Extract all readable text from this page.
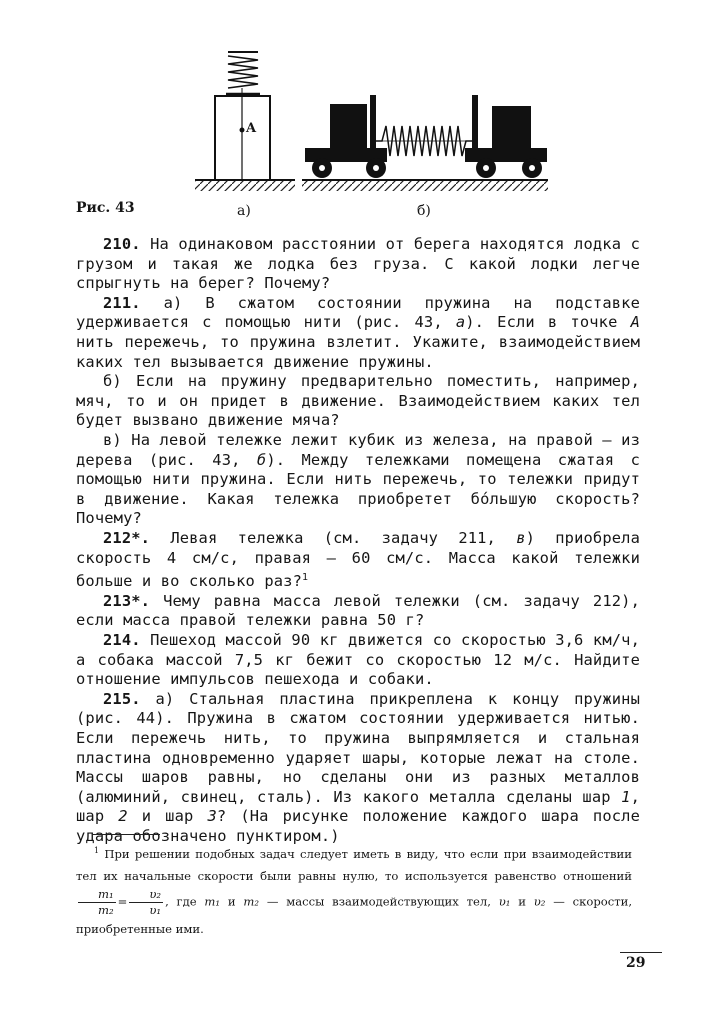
A
Рис. 43	а)	б)

210. На одинаковом расстоянии от берега находятся лодка с грузом и такая же лодка без груза. С какой лодки легче спрыгнуть на берег? Почему?

211. а) В сжатом состоянии пружина на подставке удерживается с помощью нити (рис. 43, а). Если в точке A нить пережечь, то пружина взлетит. Укажите, взаимодействием каких тел вызывается движение пружины.

б) Если на пружину предварительно поместить, например, мяч, то и он придет в движение. Взаимодействием каких тел будет вызвано движение мяча?

в) На левой тележке лежит кубик из железа, на правой — из дерева (рис. 43, б). Между тележками помещена сжатая с помощью нити пружина. Если нить пережечь, то тележки придут в движение. Какая тележка приобретет бóльшую скорость? Почему?

212*. Левая тележка (см. задачу 211, в) приобрела скорость 4 см/с, правая — 60 см/с. Масса какой тележки больше и во сколько раз?$^1$

213*. Чему равна масса левой тележки (см. задачу 212), если масса правой тележки равна 50 г?

214. Пешеход массой 90 кг движется со скоростью 3,6 км/ч, а собака массой 7,5 кг бежит со скоростью 12 м/с. Найдите отношение импульсов пешехода и собаки.

215. а) Стальная пластина прикреплена к концу пружины (рис. 44). Пружина в сжатом состоянии удерживается нитью. Если пережечь нить, то пружина выпрямляется и стальная пластина одновременно ударяет шары, которые лежат на столе. Массы шаров равны, но сделаны они из разных металлов (алюминий, свинец, сталь). Из какого металла сделаны шар 1, шар 2 и шар 3? (На рисунке положение каждого шара после удара обозначено пунктиром.)

$^1$ При решении подобных задач следует иметь в виду, что если при взаимодействии тел их начальные скорости были равны нулю, то используется равенство отношений
$\frac{\text{m₁}}{\text{m₂}} = \frac{\text{υ₂}}{\text{υ₁}}$ , где m₁ и m₂ — массы взаимодействующих тел, υ₁ и υ₂ — скорости, приобретенные ими.
29
